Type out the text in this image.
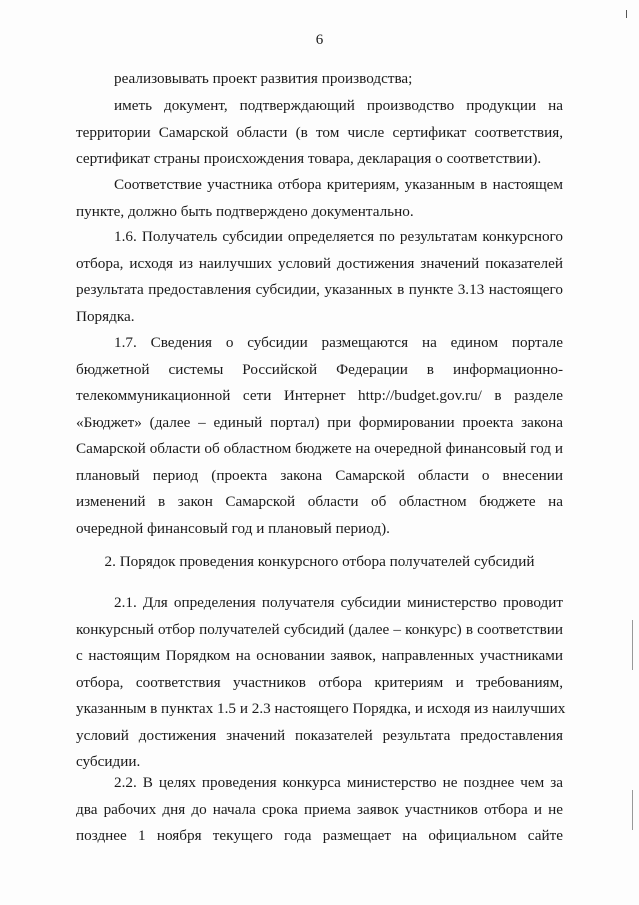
6
реализовывать проект развития производства;
иметь документ, подтверждающий производство продукции на
территории Самарской области (в том числе сертификат соответствия,
сертификат страны происхождения товара, декларация о соответствии).
Соответствие участника отбора критериям, указанным в настоящем
пункте, должно быть подтверждено документально.
1.6. Получатель субсидии определяется по результатам конкурсного
отбора, исходя из наилучших условий достижения значений показателей
результата предоставления субсидии, указанных в пункте 3.13 настоящего
Порядка.
1.7. Сведения о субсидии размещаются на едином портале
бюджетной системы Российской Федерации в информационно-
телекоммуникационной сети Интернет http://budget.gov.ru/ в разделе
«Бюджет» (далее – единый портал) при формировании проекта закона
Самарской области об областном бюджете на очередной финансовый год и
плановый период (проекта закона Самарской области о внесении
изменений в закон Самарской области об областном бюджете на
очередной финансовый год и плановый период).
2. Порядок проведения конкурсного отбора получателей субсидий
2.1. Для определения получателя субсидии министерство проводит
конкурсный отбор получателей субсидий (далее – конкурс) в соответствии
с настоящим Порядком на основании заявок, направленных участниками
отбора, соответствия участников отбора критериям и требованиям,
указанным в пунктах 1.5 и 2.3 настоящего Порядка, и исходя из наилучших
условий достижения значений показателей результата предоставления
субсидии.
2.2. В целях проведения конкурса министерство не позднее чем за
два рабочих дня до начала срока приема заявок участников отбора и не
позднее 1 ноября текущего года размещает на официальном сайте
